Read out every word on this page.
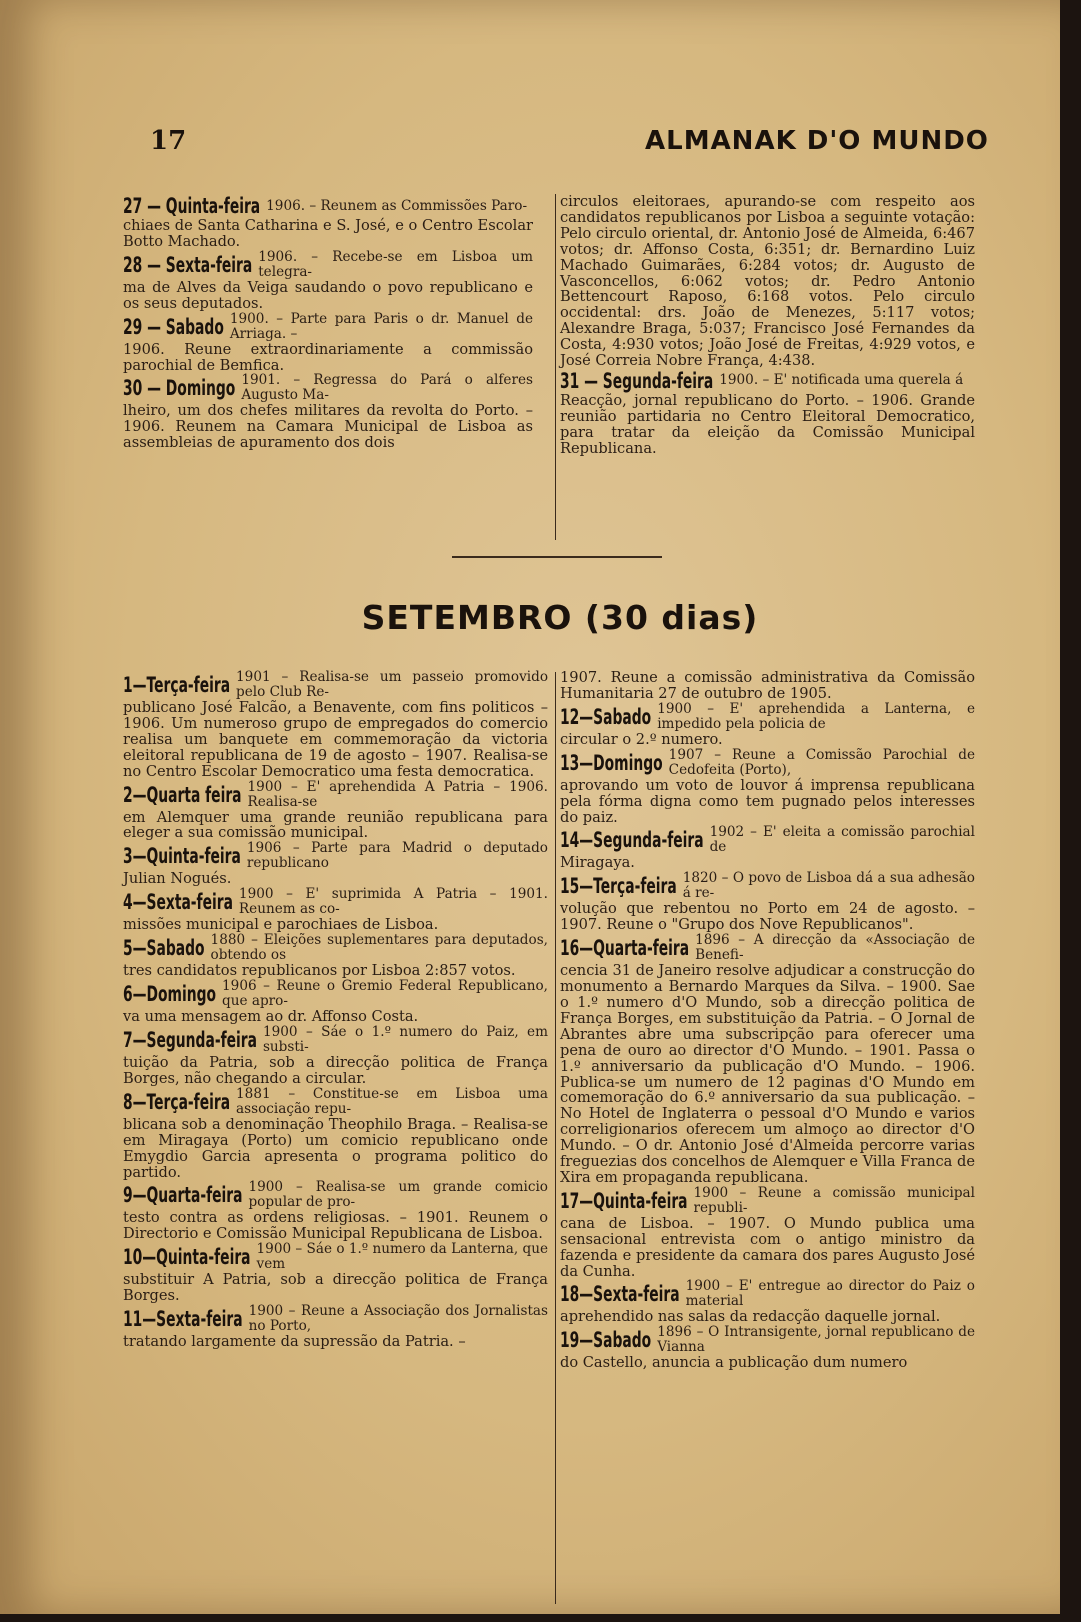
17	ALMANAK D'O MUNDO
27 — Quinta-feira 1906. – Reunem as Commissões Paro-
chiaes de Santa Catharina e S. José, e o Centro Escolar Botto Machado.
28 — Sexta-feira 1906. – Recebe-se em Lisboa um telegra-
ma de Alves da Veiga saudando o povo republicano e os seus deputados.
29 — Sabado 1900. – Parte para Paris o dr. Manuel de Arriaga. –
1906. Reune extraordinariamente a commissão parochial de Bemfica.
30 — Domingo 1901. – Regressa do Pará o alferes Augusto Ma-
lheiro, um dos chefes militares da revolta do Porto. – 1906. Reunem na Camara Municipal de Lisboa as assembleias de apuramento dos dois
circulos eleitoraes, apurando-se com respeito aos candidatos republicanos por Lisboa a seguinte votação: Pelo circulo oriental, dr. Antonio José de Almeida, 6:467 votos; dr. Affonso Costa, 6:351; dr. Bernardino Luiz Machado Guimarães, 6:284 votos; dr. Augusto de Vasconcellos, 6:062 votos; dr. Pedro Antonio Bettencourt Raposo, 6:168 votos. Pelo circulo occidental: drs. João de Menezes, 5:117 votos; Alexandre Braga, 5:037; Francisco José Fernandes da Costa, 4:930 votos; João José de Freitas, 4:929 votos, e José Correia Nobre França, 4:438.
31 — Segunda-feira 1900. – E' notificada uma querela á
Reacção, jornal republicano do Porto. – 1906. Grande reunião partidaria no Centro Eleitoral Democratico, para tratar da eleição da Comissão Municipal Republicana.
SETEMBRO (30 dias)
1—Terça-feira 1901 – Realisa-se um passeio promovido pelo Club Re-
publicano José Falcão, a Benavente, com fins politicos – 1906. Um numeroso grupo de empregados do comercio realisa um banquete em commemoração da victoria eleitoral republicana de 19 de agosto – 1907. Realisa-se no Centro Escolar Democratico uma festa democratica.
2—Quarta feira 1900 – E' aprehendida A Patria – 1906. Realisa-se
em Alemquer uma grande reunião republicana para eleger a sua comissão municipal.
3—Quinta-feira 1906 – Parte para Madrid o deputado republicano
Julian Nogués.
4—Sexta-feira 1900 – E' suprimida A Patria – 1901. Reunem as co-
missões municipal e parochiaes de Lisboa.
5—Sabado 1880 – Eleições suplementares para deputados, obtendo os
tres candidatos republicanos por Lisboa 2:857 votos.
6—Domingo 1906 – Reune o Gremio Federal Republicano, que apro-
va uma mensagem ao dr. Affonso Costa.
7—Segunda-feira 1900 – Sáe o 1.º numero do Paiz, em substi-
tuição da Patria, sob a direcção politica de França Borges, não chegando a circular.
8—Terça-feira 1881 – Constitue-se em Lisboa uma associação repu-
blicana sob a denominação Theophilo Braga. – Realisa-se em Miragaya (Porto) um comicio republicano onde Emygdio Garcia apresenta o programa politico do partido.
9—Quarta-feira 1900 – Realisa-se um grande comicio popular de pro-
testo contra as ordens religiosas. – 1901. Reunem o Directorio e Comissão Municipal Republicana de Lisboa.
10—Quinta-feira 1900 – Sáe o 1.º numero da Lanterna, que vem
substituir A Patria, sob a direcção politica de França Borges.
11—Sexta-feira 1900 – Reune a Associação dos Jornalistas no Porto,
tratando largamente da supressão da Patria. –
1907. Reune a comissão administrativa da Comissão Humanitaria 27 de outubro de 1905.
12—Sabado 1900 – E' aprehendida a Lanterna, e impedido pela policia de
circular o 2.º numero.
13—Domingo 1907 – Reune a Comissão Parochial de Cedofeita (Porto),
aprovando um voto de louvor á imprensa republicana pela fórma digna como tem pugnado pelos interesses do paiz.
14—Segunda-feira 1902 – E' eleita a comissão parochial de
Miragaya.
15—Terça-feira 1820 – O povo de Lisboa dá a sua adhesão á re-
volução que rebentou no Porto em 24 de agosto. – 1907. Reune o "Grupo dos Nove Republicanos".
16—Quarta-feira 1896 – A direcção da «Associação de Benefi-
cencia 31 de Janeiro resolve adjudicar a construcção do monumento a Bernardo Marques da Silva. – 1900. Sae o 1.º numero d'O Mundo, sob a direcção politica de França Borges, em substituição da Patria. – O Jornal de Abrantes abre uma subscripção para oferecer uma pena de ouro ao director d'O Mundo. – 1901. Passa o 1.º anniversario da publicação d'O Mundo. – 1906. Publica-se um numero de 12 paginas d'O Mundo em comemoração do 6.º anniversario da sua publicação. – No Hotel de Inglaterra o pessoal d'O Mundo e varios correligionarios oferecem um almoço ao director d'O Mundo. – O dr. Antonio José d'Almeida percorre varias freguezias dos concelhos de Alemquer e Villa Franca de Xira em propaganda republicana.
17—Quinta-feira 1900 – Reune a comissão municipal republi-
cana de Lisboa. – 1907. O Mundo publica uma sensacional entrevista com o antigo ministro da fazenda e presidente da camara dos pares Augusto José da Cunha.
18—Sexta-feira 1900 – E' entregue ao director do Paiz o material
aprehendido nas salas da redacção daquelle jornal.
19—Sabado 1896 – O Intransigente, jornal republicano de Vianna
do Castello, anuncia a publicação dum numero
